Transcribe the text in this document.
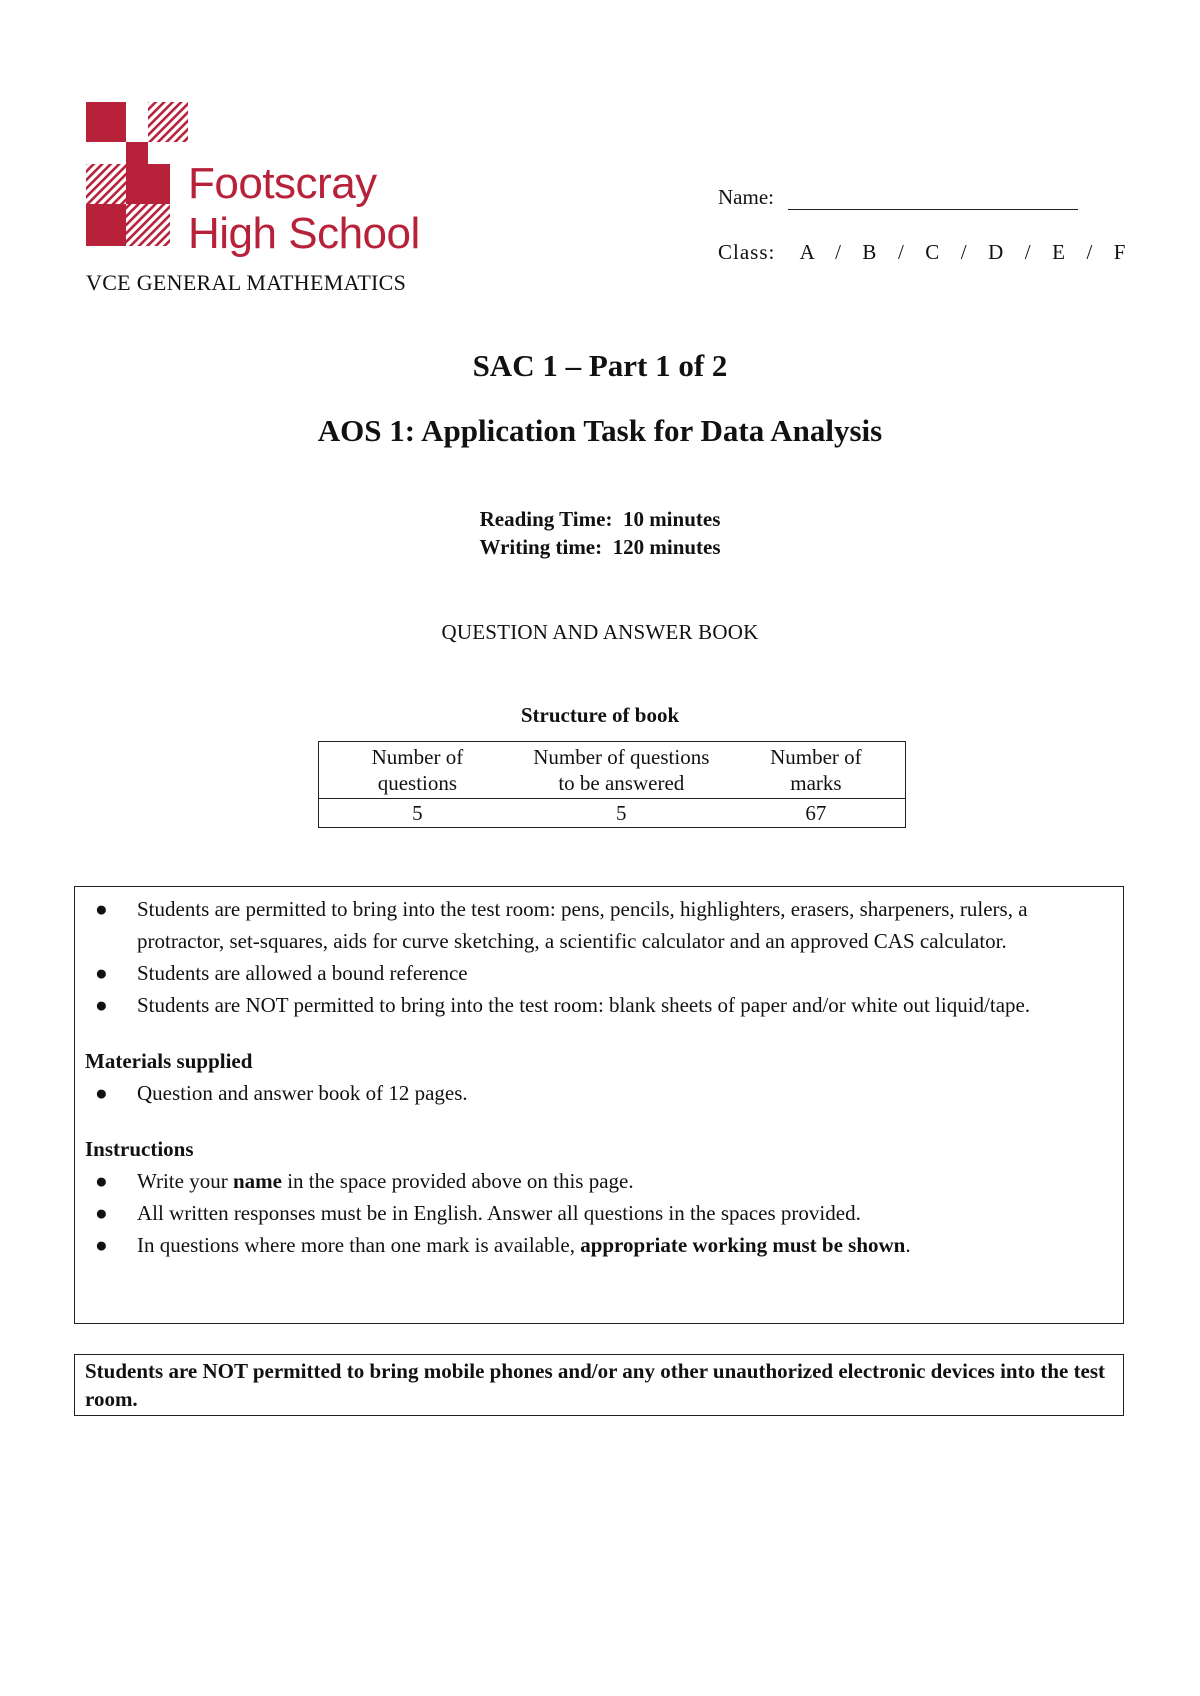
Footscray
High School
VCE GENERAL MATHEMATICS
Name:
Class: A  /  B  /  C  /  D  /  E  /  F
SAC 1 – Part 1 of 2
AOS 1: Application Task for Data Analysis
Reading Time:  10 minutes
Writing time:  120 minutes
QUESTION AND ANSWER BOOK
Structure of book
Number of questions	Number of questions to be answered	Number of marks
5	5	67
● Students are permitted to bring into the test room: pens, pencils, highlighters, erasers, sharpeners, rulers, a protractor, set-squares, aids for curve sketching, a scientific calculator and an approved CAS calculator.
● Students are allowed a bound reference
● Students are NOT permitted to bring into the test room: blank sheets of paper and/or white out liquid/tape.
Materials supplied
● Question and answer book of 12 pages.
Instructions
● Write your name in the space provided above on this page.
● All written responses must be in English. Answer all questions in the spaces provided.
● In questions where more than one mark is available, appropriate working must be shown.
Students are NOT permitted to bring mobile phones and/or any other unauthorized electronic devices into the test room.
